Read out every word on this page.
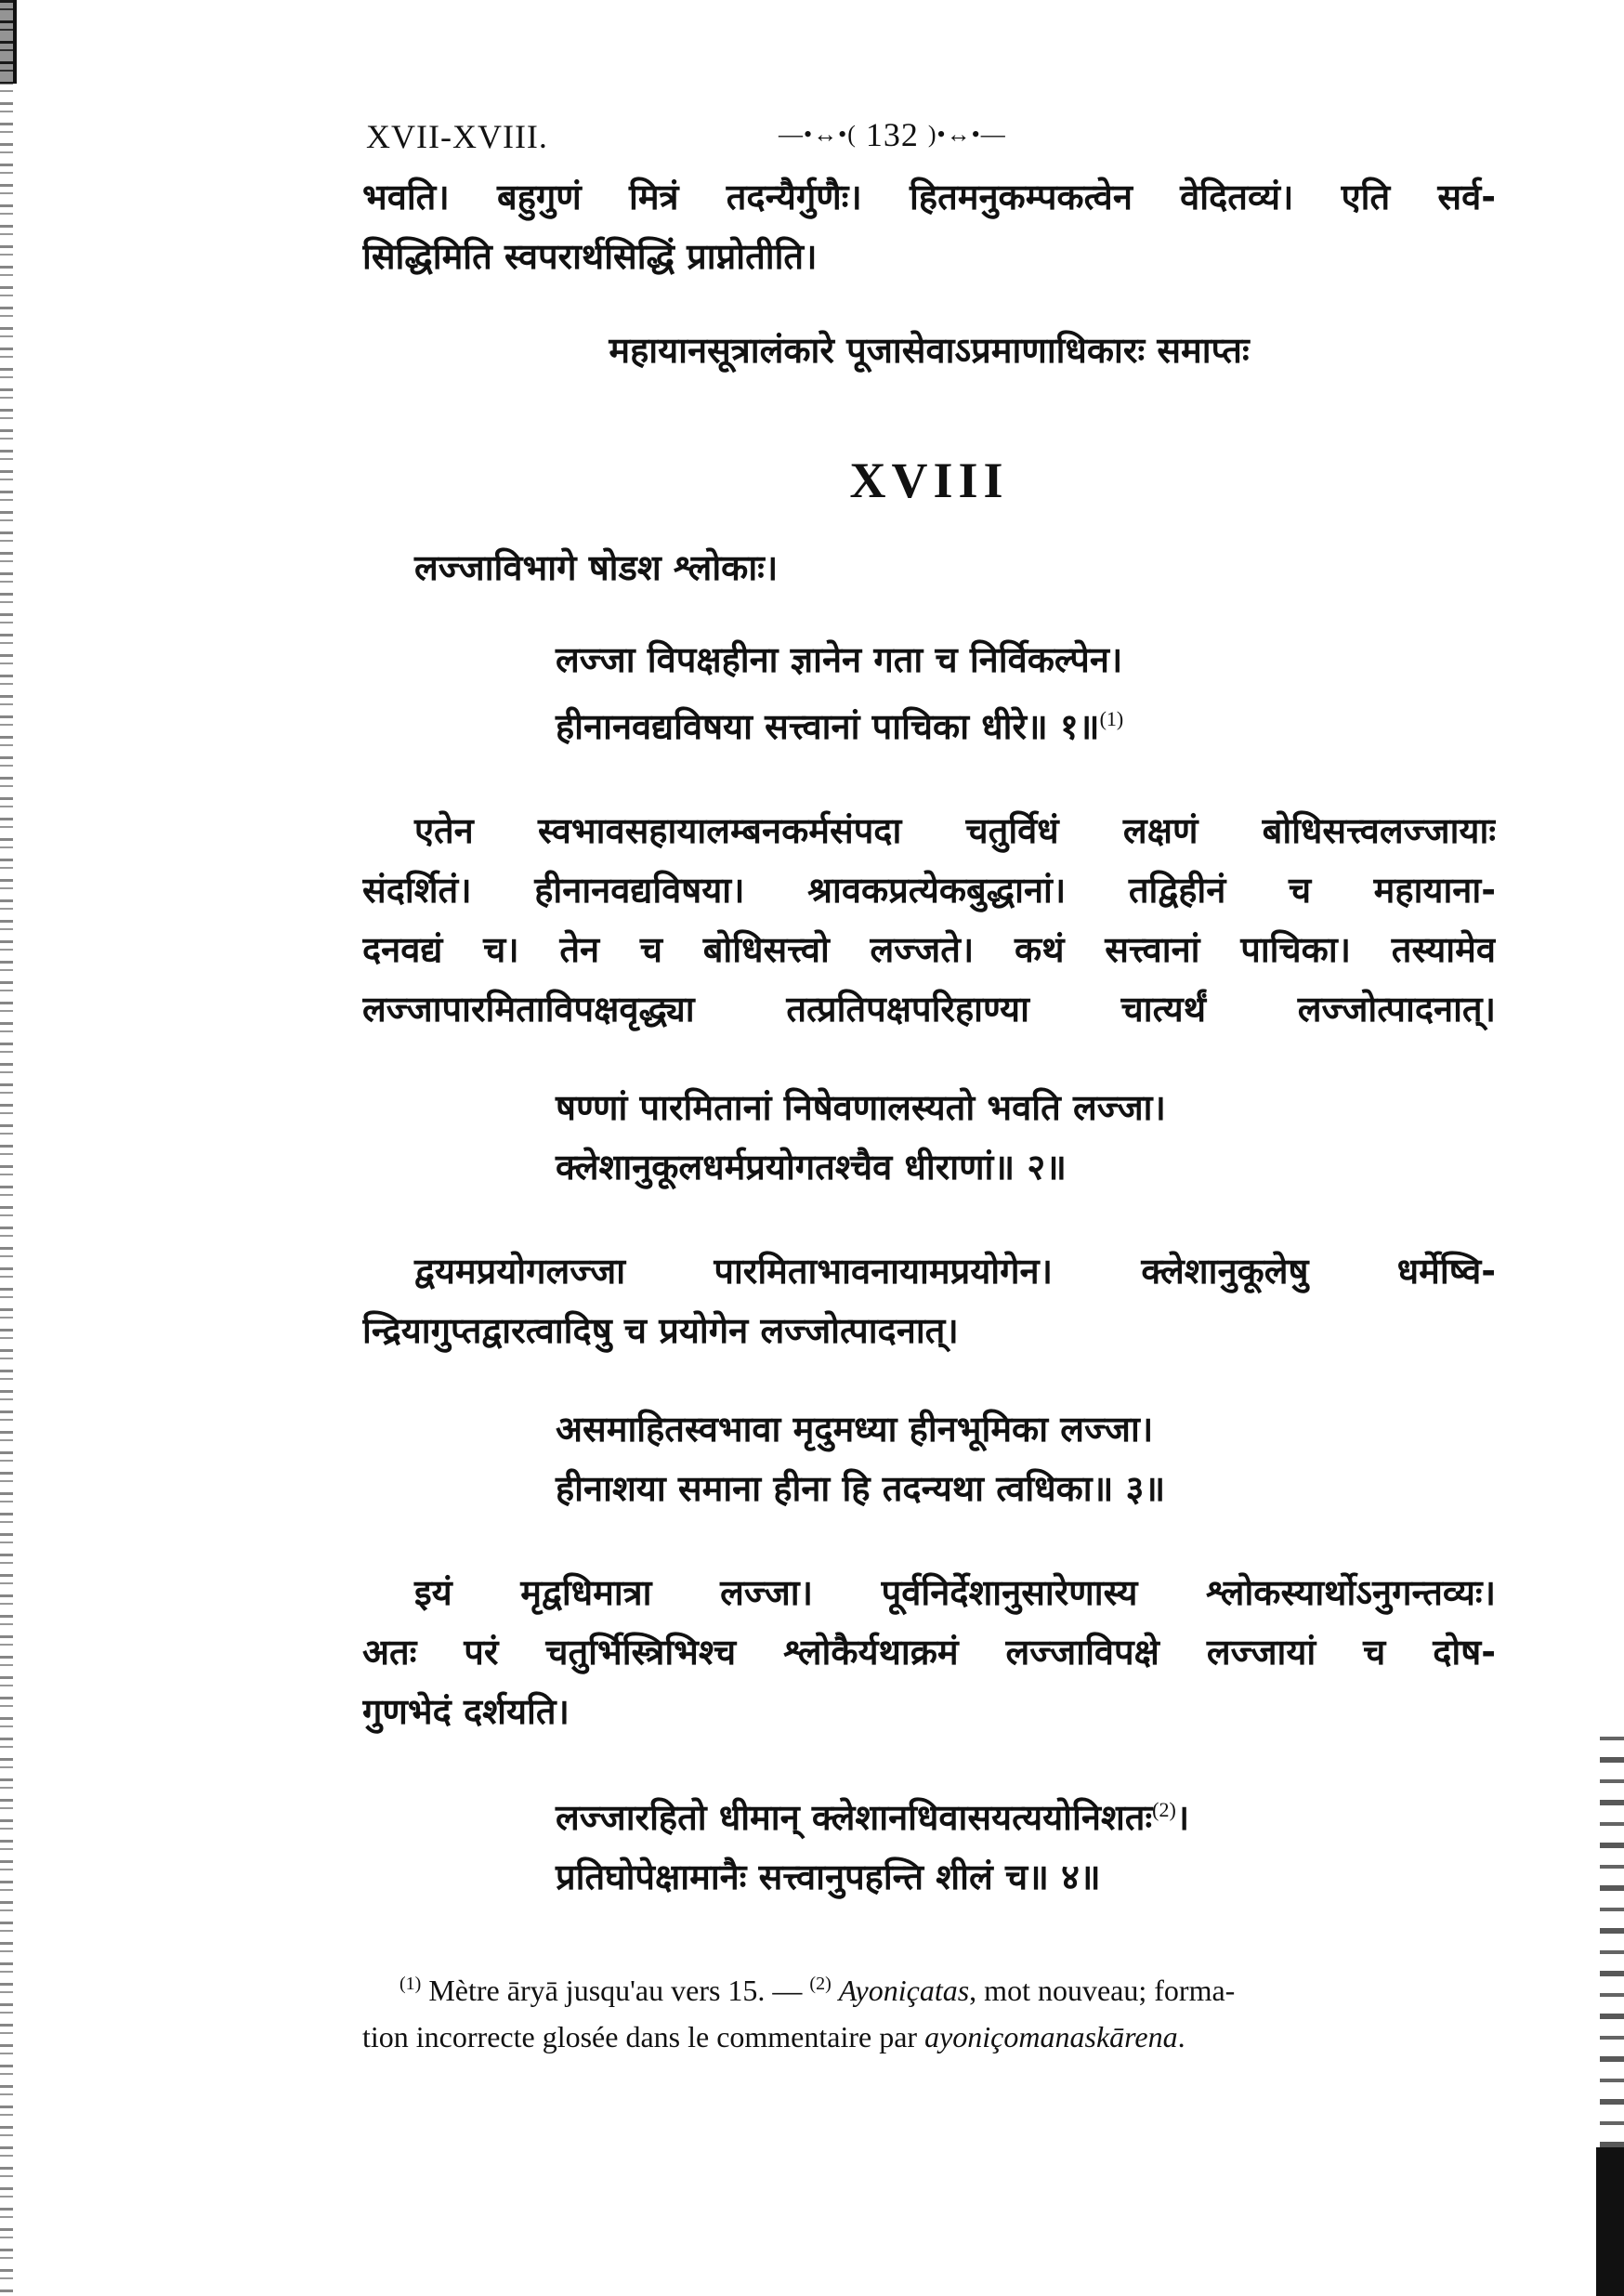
XVII-XVIII.	—•↔•( 132 )•↔•—
भवति। बहुगुणं मित्रं तदन्यैर्गुणैः। हितमनुकम्पकत्वेन वेदितव्यं। एति सर्व-
सिद्धिमिति स्वपरार्थसिद्धिं प्राप्नोतीति।
महायानसूत्रालंकारे पूजासेवाऽप्रमाणाधिकारः समाप्तः
XVIII
लज्जाविभागे षोडश श्लोकाः।
लज्जा विपक्षहीना ज्ञानेन गता च निर्विकल्पेन।
हीनानवद्यविषया सत्त्वानां पाचिका धीरे॥ १॥$^{(1)}$
एतेन स्वभावसहायालम्बनकर्मसंपदा चतुर्विधं लक्षणं बोधिसत्त्वलज्जायाः
संदर्शितं। हीनानवद्यविषया। श्रावकप्रत्येकबुद्धानां। तद्विहीनं च महायाना-
दनवद्यं च। तेन च बोधिसत्त्वो लज्जते। कथं सत्त्वानां पाचिका। तस्यामेव
लज्जापारमिताविपक्षवृद्ध्या तत्प्रतिपक्षपरिहाण्या चात्यर्थं लज्जोत्पादनात्।
षण्णां पारमितानां निषेवणालस्यतो भवति लज्जा।
क्लेशानुकूलधर्मप्रयोगतश्चैव धीराणां॥ २॥
द्वयमप्रयोगलज्जा पारमिताभावनायामप्रयोगेन। क्लेशानुकूलेषु धर्मेष्वि-
न्द्रियागुप्तद्वारत्वादिषु च प्रयोगेन लज्जोत्पादनात्।
असमाहितस्वभावा मृदुमध्या हीनभूमिका लज्जा।
हीनाशया समाना हीना हि तदन्यथा त्वधिका॥ ३॥
इयं मृद्वधिमात्रा लज्जा। पूर्वनिर्देशानुसारेणास्य श्लोकस्यार्थोऽनुगन्तव्यः।
अतः परं चतुर्भिस्त्रिभिश्च श्लोकैर्यथाक्रमं लज्जाविपक्षे लज्जायां च दोष-
गुणभेदं दर्शयति।
लज्जारहितो धीमान् क्लेशानधिवासयत्ययोनिशतः$^{(2)}$।
प्रतिघोपेक्षामानैः सत्त्वानुपहन्ति शीलं च॥ ४॥
$^{(1)}$ Mètre āryā jusqu'au vers 15. — $^{(2)}$ Ayoniçatas, mot nouveau; forma-
tion incorrecte glosée dans le commentaire par ayoniçomanaskārena.
